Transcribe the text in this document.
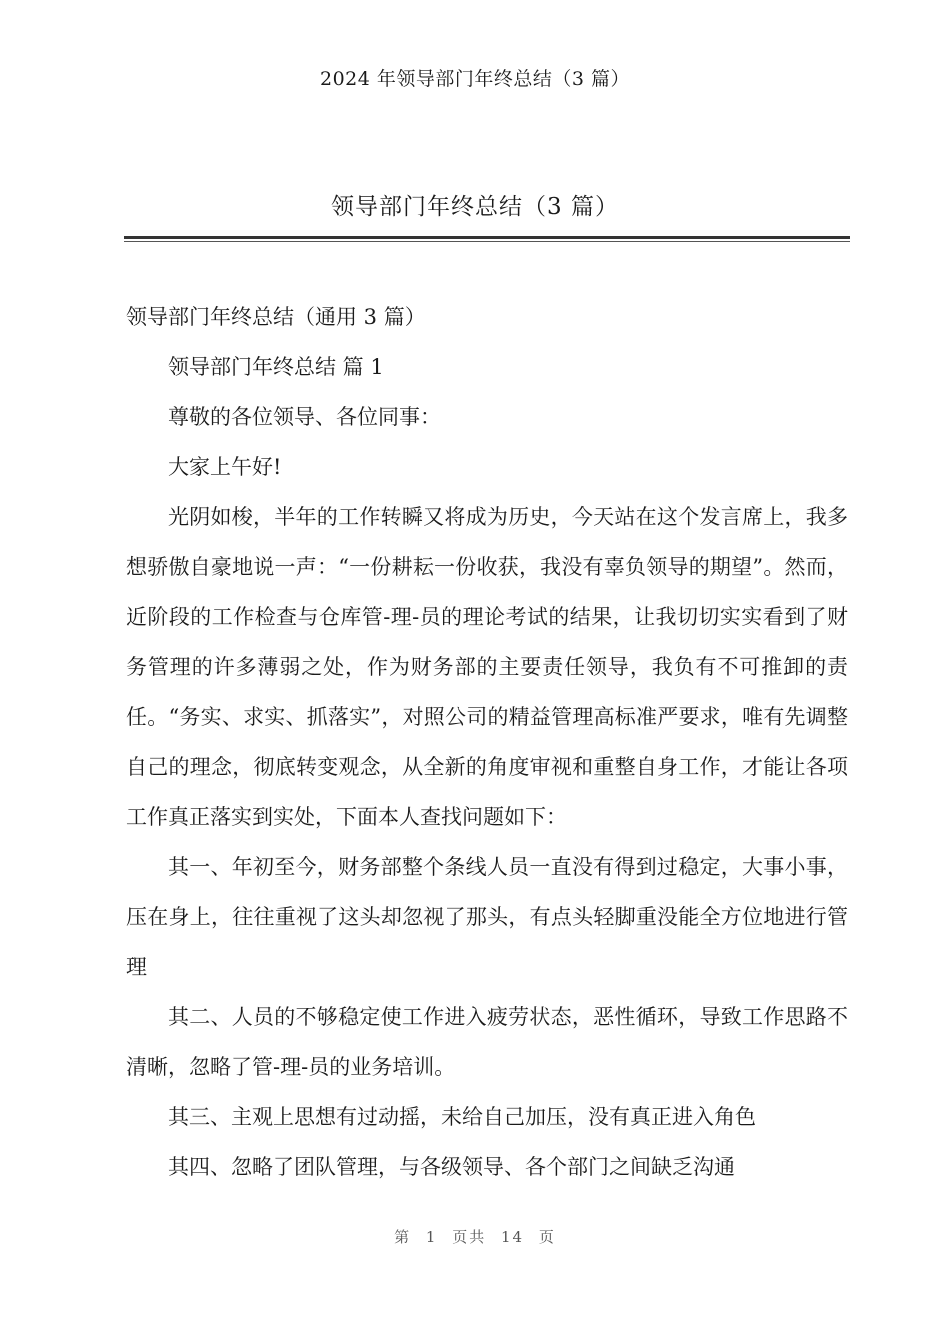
2024 年领导部门年终总结（3 篇）
领导部门年终总结（3 篇）

领导部门年终总结（通用 3 篇）

领导部门年终总结 篇 1

尊敬的各位领导、各位同事：

大家上午好!

光阴如梭，半年的工作转瞬又将成为历史，今天站在这个发言席上，我多想骄傲自豪地说一声：“一份耕耘一份收获，我没有辜负领导的期望”。然而，近阶段的工作检查与仓库管-理-员的理论考试的结果，让我切切实实看到了财务管理的许多薄弱之处，作为财务部的主要责任领导，我负有不可推卸的责任。“务实、求实、抓落实”，对照公司的精益管理高标准严要求，唯有先调整自己的理念，彻底转变观念，从全新的角度审视和重整自身工作，才能让各项工作真正落实到实处，下面本人查找问题如下：

其一、年初至今，财务部整个条线人员一直没有得到过稳定，大事小事，压在身上，往往重视了这头却忽视了那头，有点头轻脚重没能全方位地进行管理

其二、人员的不够稳定使工作进入疲劳状态，恶性循环，导致工作思路不清晰，忽略了管-理-员的业务培训。

其三、主观上思想有过动摇，未给自己加压，没有真正进入角色

其四、忽略了团队管理，与各级领导、各个部门之间缺乏沟通

第 1 页共 14 页
